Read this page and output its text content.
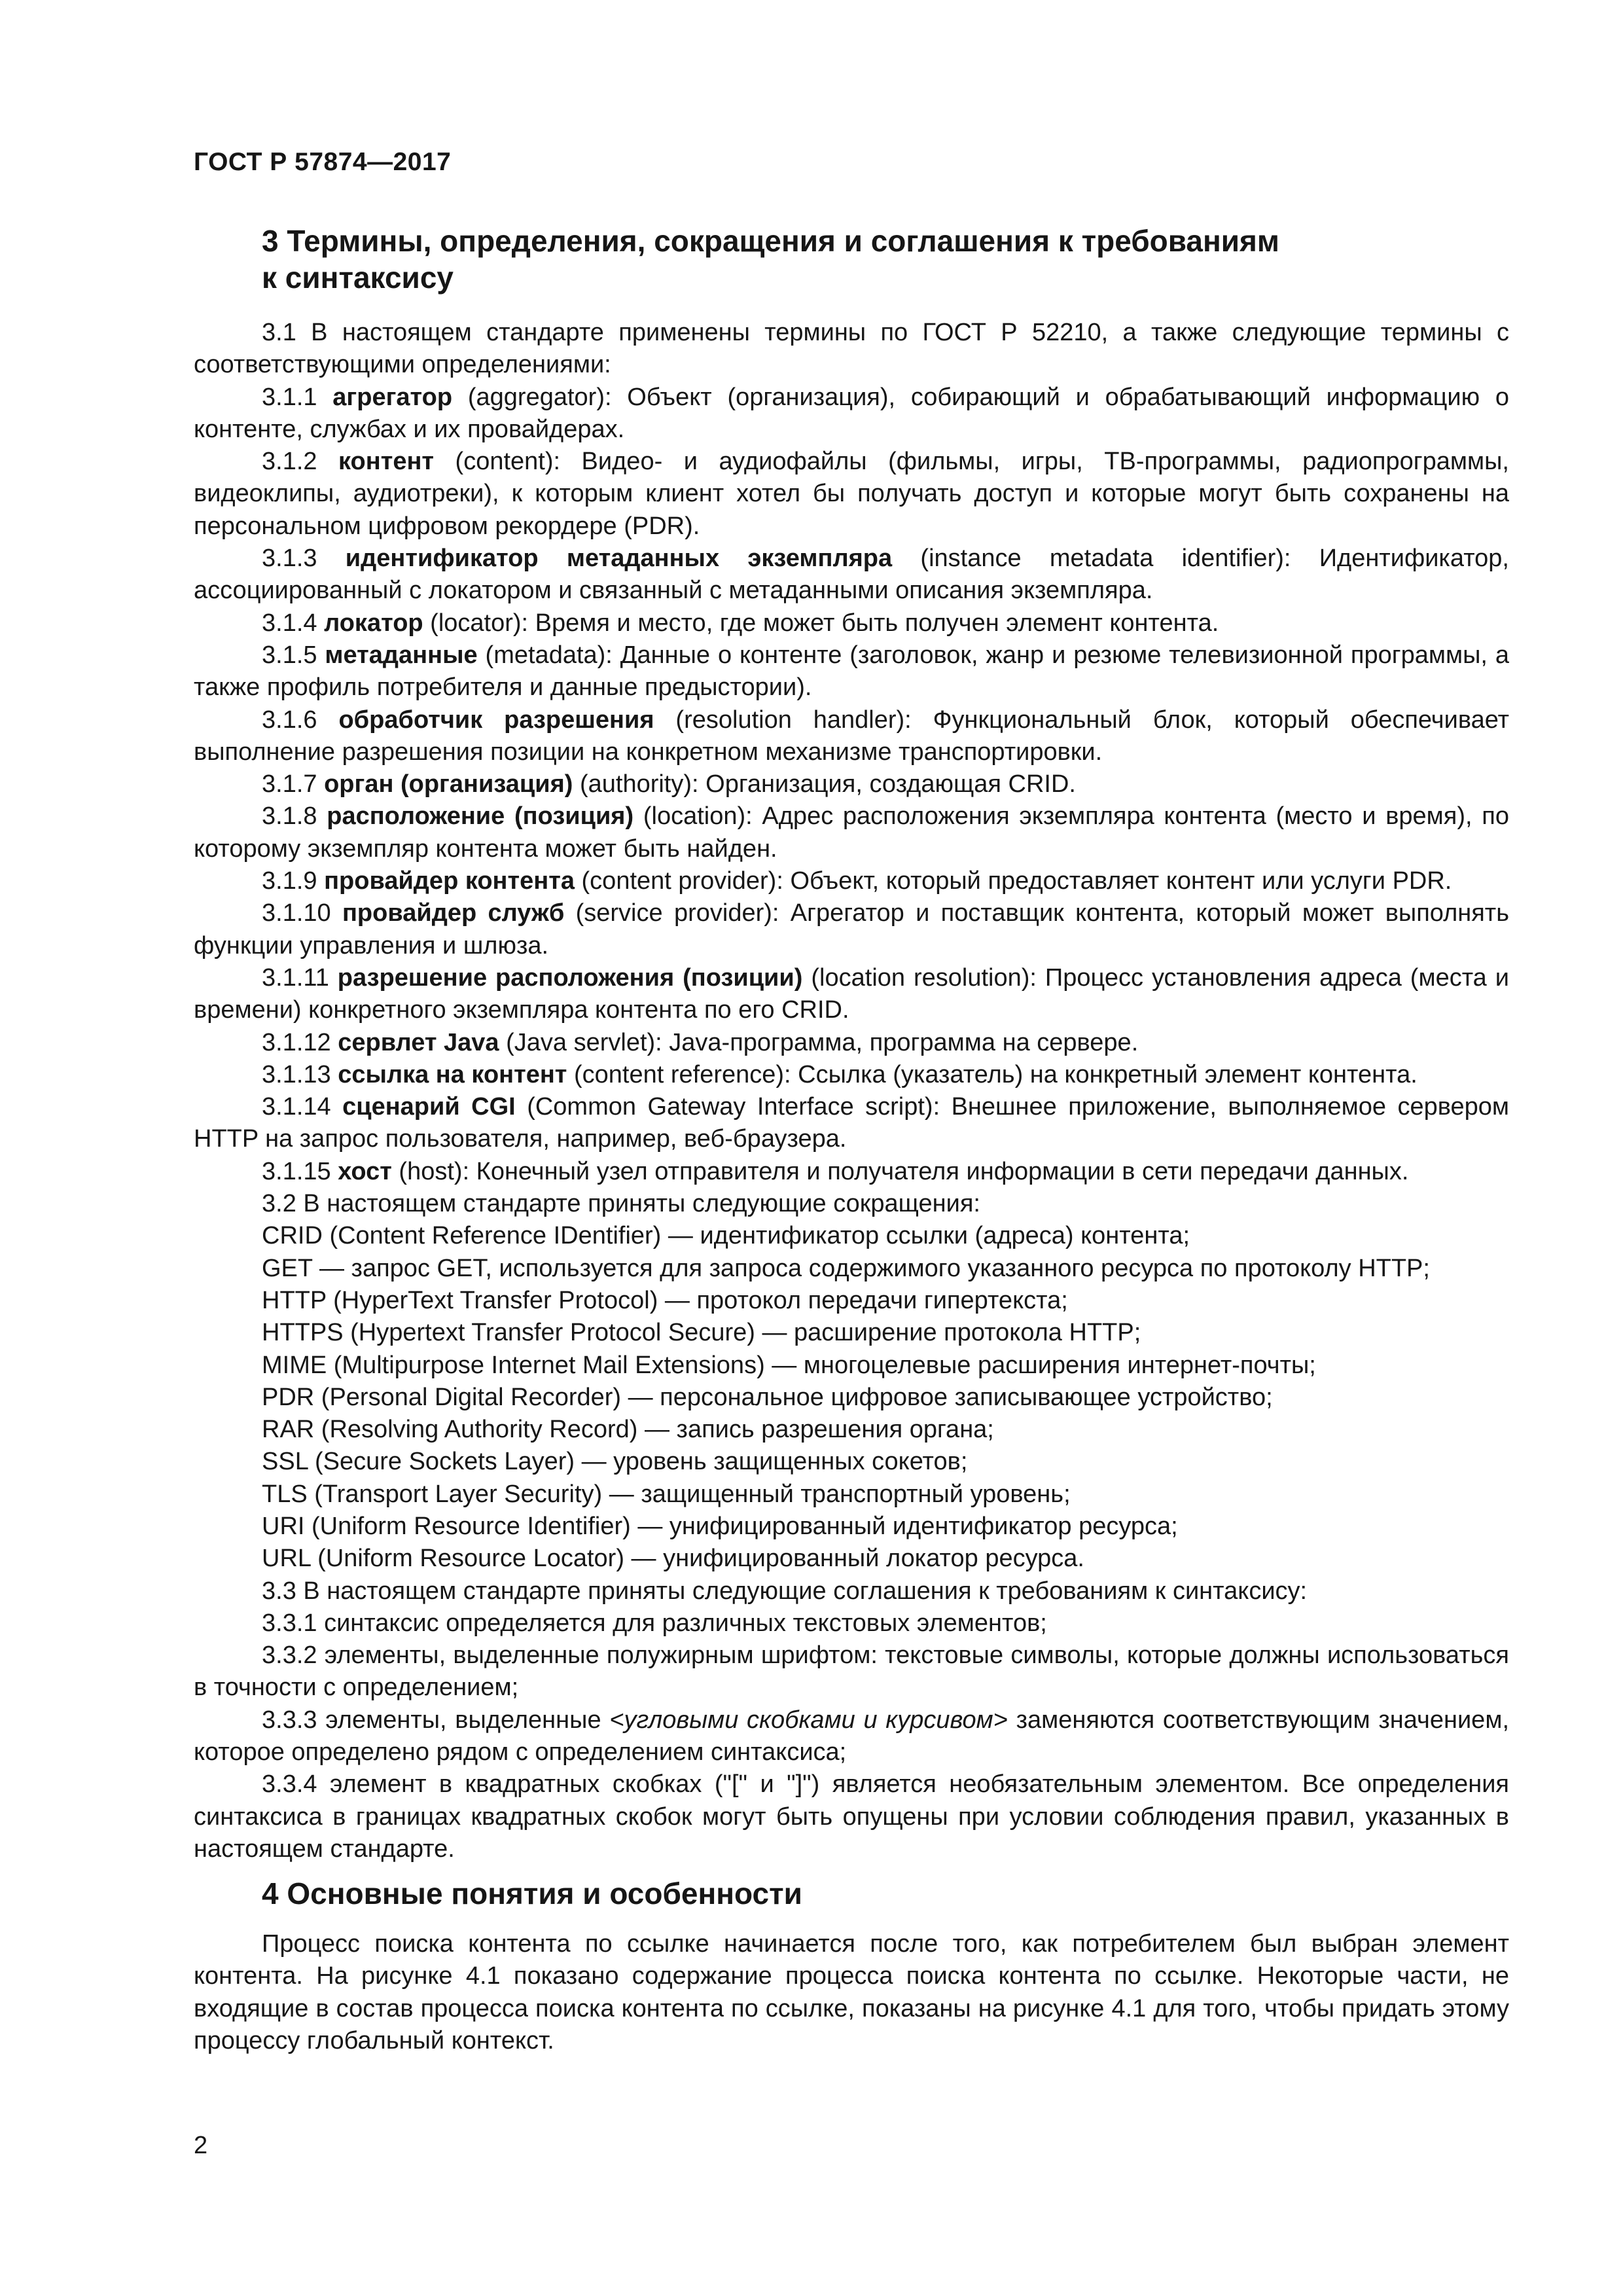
ГОСТ Р 57874—2017
3 Термины, определения, сокращения и соглашения к требованиям
к синтаксису

3.1 В настоящем стандарте применены термины по ГОСТ Р 52210, а также следующие термины с соответствующими определениями:

3.1.1 агрегатор (aggregator): Объект (организация), собирающий и обрабатывающий информацию о контенте, службах и их провайдерах.

3.1.2 контент (content): Видео- и аудиофайлы (фильмы, игры, ТВ-программы, радиопрограммы, видеоклипы, аудиотреки), к которым клиент хотел бы получать доступ и которые могут быть сохранены на персональном цифровом рекордере (PDR).

3.1.3 идентификатор метаданных экземпляра (instance metadata identifier): Идентификатор, ассоциированный с локатором и связанный с метаданными описания экземпляра.

3.1.4 локатор (locator): Время и место, где может быть получен элемент контента.

3.1.5 метаданные (metadata): Данные о контенте (заголовок, жанр и резюме телевизионной программы, а также профиль потребителя и данные предыстории).

3.1.6 обработчик разрешения (resolution handler): Функциональный блок, который обеспечивает выполнение разрешения позиции на конкретном механизме транспортировки.

3.1.7 орган (организация) (authority): Организация, создающая CRID.

3.1.8 расположение (позиция) (location): Адрес расположения экземпляра контента (место и время), по которому экземпляр контента может быть найден.

3.1.9 провайдер контента (content provider): Объект, который предоставляет контент или услуги PDR.

3.1.10 провайдер служб (service provider): Агрегатор и поставщик контента, который может выполнять функции управления и шлюза.

3.1.11 разрешение расположения (позиции) (location resolution): Процесс установления адреса (места и времени) конкретного экземпляра контента по его CRID.

3.1.12 сервлет Java (Java servlet): Java-программа, программа на сервере.

3.1.13 ссылка на контент (content reference): Ссылка (указатель) на конкретный элемент контента.

3.1.14 сценарий CGI (Common Gateway Interface script): Внешнее приложение, выполняемое сервером HTTP на запрос пользователя, например, веб-браузера.

3.1.15 хост (host): Конечный узел отправителя и получателя информации в сети передачи данных.

3.2 В настоящем стандарте приняты следующие сокращения:

CRID (Content Reference IDentifier) — идентификатор ссылки (адреса) контента;

GET — запрос GET, используется для запроса содержимого указанного ресурса по протоколу HTTP;

HTTP (HyperText Transfer Protocol) — протокол передачи гипертекста;

HTTPS (Hypertext Transfer Protocol Secure) — расширение протокола HTTP;

MIME (Multipurpose Internet Mail Extensions) — многоцелевые расширения интернет-почты;

PDR (Personal Digital Recorder) — персональное цифровое записывающее устройство;

RAR (Resolving Authority Record) — запись разрешения органа;

SSL (Secure Sockets Layer) — уровень защищенных сокетов;

TLS (Transport Layer Security) — защищенный транспортный уровень;

URI (Uniform Resource Identifier) — унифицированный идентификатор ресурса;

URL (Uniform Resource Locator) — унифицированный локатор ресурса.

3.3 В настоящем стандарте приняты следующие соглашения к требованиям к синтаксису:

3.3.1 синтаксис определяется для различных текстовых элементов;

3.3.2 элементы, выделенные полужирным шрифтом: текстовые символы, которые должны использоваться в точности с определением;

3.3.3 элементы, выделенные <угловыми скобками и курсивом> заменяются соответствующим значением, которое определено рядом с определением синтаксиса;

3.3.4 элемент в квадратных скобках ("[" и "]") является необязательным элементом. Все определения синтаксиса в границах квадратных скобок могут быть опущены при условии соблюдения правил, указанных в настоящем стандарте.

4 Основные понятия и особенности

Процесс поиска контента по ссылке начинается после того, как потребителем был выбран элемент контента. На рисунке 4.1 показано содержание процесса поиска контента по ссылке. Некоторые части, не входящие в состав процесса поиска контента по ссылке, показаны на рисунке 4.1 для того, чтобы придать этому процессу глобальный контекст.

2
